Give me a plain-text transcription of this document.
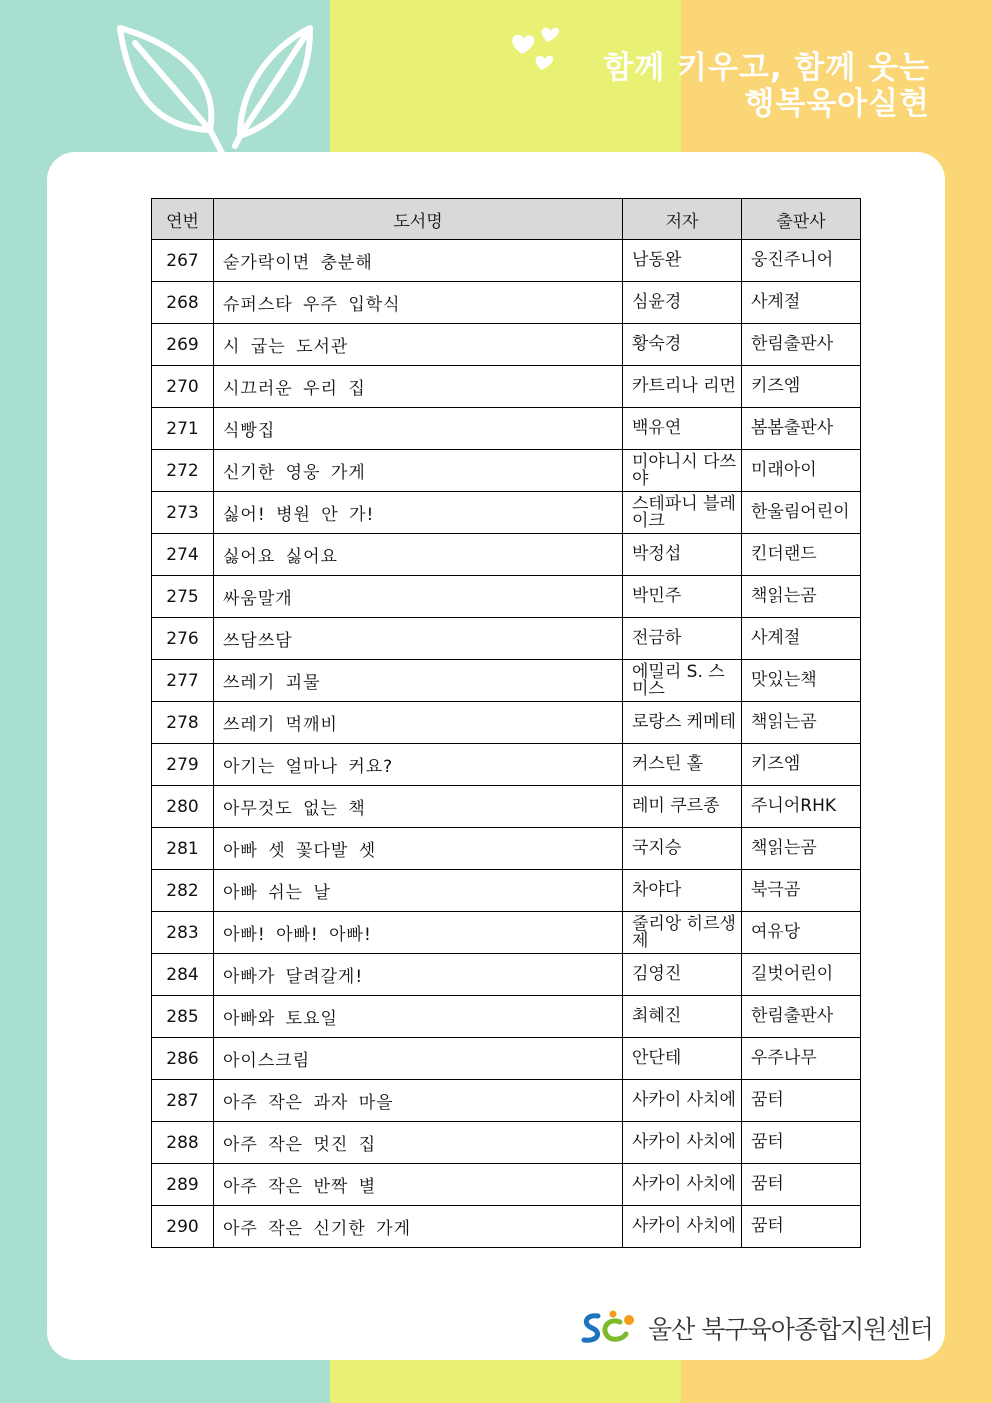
함께 키우고, 함께 웃는
행복육아실현
연번	도서명	저자	출판사
267	숟가락이면 충분해	남동완	웅진주니어
268	슈퍼스타 우주 입학식	심윤경	사계절
269	시 굽는 도서관	황숙경	한림출판사
270	시끄러운 우리 집	카트리나 리먼	키즈엠
271	식빵집	백유연	봄봄출판사
272	신기한 영웅 가게	미야니시 다쓰야	미래아이
273	싫어! 병원 안 가!	스테파니 블레이크	한울림어린이
274	싫어요 싫어요	박정섭	킨더랜드
275	싸움말개	박민주	책읽는곰
276	쓰담쓰담	전금하	사계절
277	쓰레기 괴물	에밀리 S. 스미스	맛있는책
278	쓰레기 먹깨비	로랑스 케메테	책읽는곰
279	아기는 얼마나 커요?	커스틴 홀	키즈엠
280	아무것도 없는 책	레미 쿠르종	주니어RHK
281	아빠 셋 꽃다발 셋	국지승	책읽는곰
282	아빠 쉬는 날	차야다	북극곰
283	아빠! 아빠! 아빠!	줄리앙 히르생제	여유당
284	아빠가 달려갈게!	김영진	길벗어린이
285	아빠와 토요일	최혜진	한림출판사
286	아이스크림	안단테	우주나무
287	아주 작은 과자 마을	사카이 사치에	꿈터
288	아주 작은 멋진 집	사카이 사치에	꿈터
289	아주 작은 반짝 별	사카이 사치에	꿈터
290	아주 작은 신기한 가게	사카이 사치에	꿈터
울산 북구육아종합지원센터
